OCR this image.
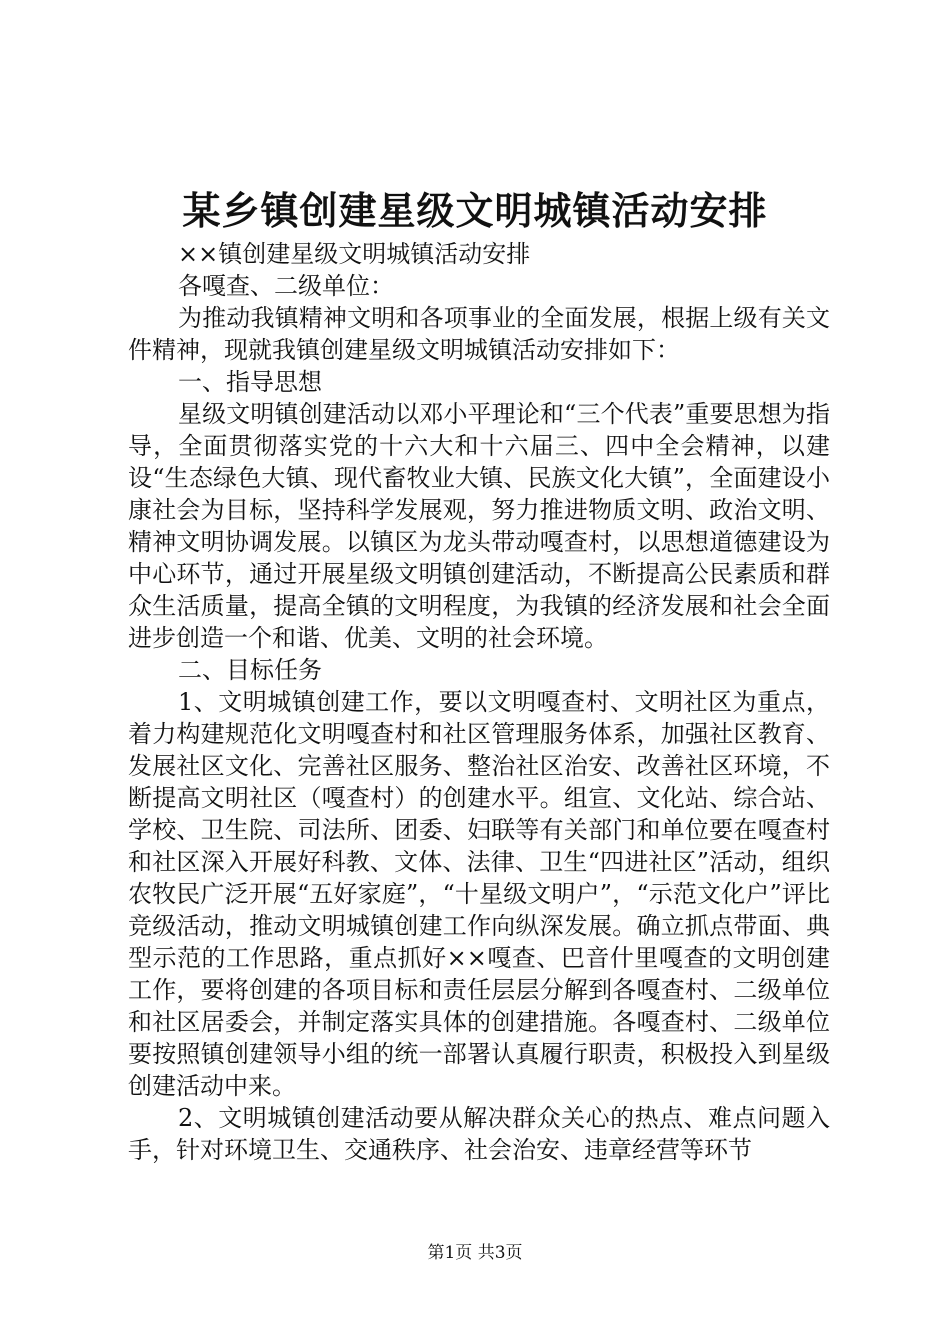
某乡镇创建星级文明城镇活动安排

××镇创建星级文明城镇活动安排

各嘎查、二级单位：

为推动我镇精神文明和各项事业的全面发展，根据上级有关文件精神，现就我镇创建星级文明城镇活动安排如下：

一、指导思想

星级文明镇创建活动以邓小平理论和“三个代表”重要思想为指导，全面贯彻落实党的十六大和十六届三、四中全会精神，以建设“生态绿色大镇、现代畜牧业大镇、民族文化大镇”，全面建设小康社会为目标，坚持科学发展观，努力推进物质文明、政治文明、精神文明协调发展。以镇区为龙头带动嘎查村，以思想道德建设为中心环节，通过开展星级文明镇创建活动，不断提高公民素质和群众生活质量，提高全镇的文明程度，为我镇的经济发展和社会全面进步创造一个和谐、优美、文明的社会环境。

二、目标任务

1、文明城镇创建工作，要以文明嘎查村、文明社区为重点，着力构建规范化文明嘎查村和社区管理服务体系，加强社区教育、发展社区文化、完善社区服务、整治社区治安、改善社区环境，不断提高文明社区（嘎查村）的创建水平。组宣、文化站、综合站、学校、卫生院、司法所、团委、妇联等有关部门和单位要在嘎查村和社区深入开展好科教、文体、法律、卫生“四进社区”活动，组织农牧民广泛开展“五好家庭”，“十星级文明户”，“示范文化户”评比竞级活动，推动文明城镇创建工作向纵深发展。确立抓点带面、典型示范的工作思路，重点抓好××嘎查、巴音什里嘎查的文明创建工作，要将创建的各项目标和责任层层分解到各嘎查村、二级单位和社区居委会，并制定落实具体的创建措施。各嘎查村、二级单位要按照镇创建领导小组的统一部署认真履行职责，积极投入到星级创建活动中来。

2、文明城镇创建活动要从解决群众关心的热点、难点问题入手，针对环境卫生、交通秩序、社会治安、违章经营等环节

第1页 共3页
